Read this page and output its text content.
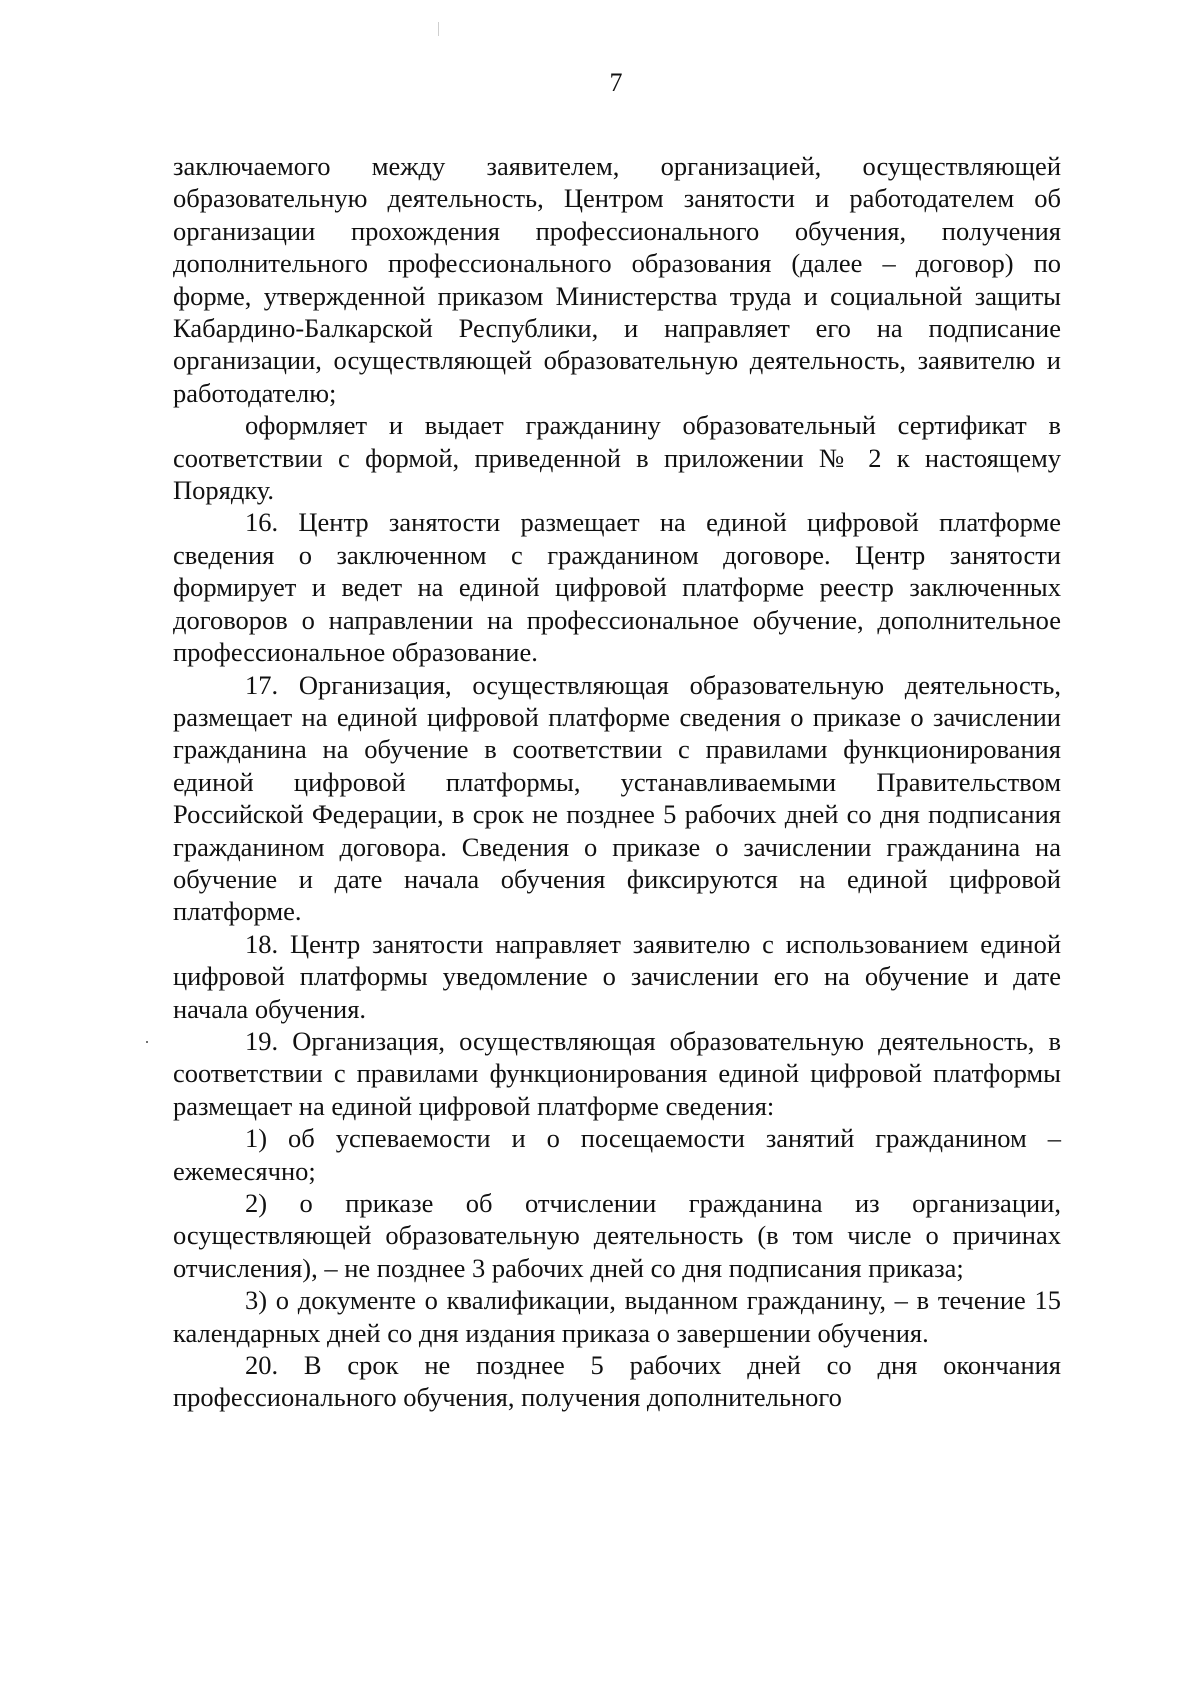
7

заключаемого между заявителем, организацией, осуществляющей образовательную деятельность, Центром занятости и работодателем об организации прохождения профессионального обучения, получения дополнительного профессионального образования (далее – договор) по форме, утвержденной приказом Министерства труда и социальной защиты Кабардино-Балкарской Республики, и направляет его на подписание организации, осуществляющей образовательную деятельность, заявителю и работодателю;

оформляет и выдает гражданину образовательный сертификат в соответствии с формой, приведенной в приложении № 2 к настоящему Порядку.

16. Центр занятости размещает на единой цифровой платформе сведения о заключенном с гражданином договоре. Центр занятости формирует и ведет на единой цифровой платформе реестр заключенных договоров о направлении на профессиональное обучение, дополнительное профессиональное образование.

17. Организация, осуществляющая образовательную деятельность, размещает на единой цифровой платформе сведения о приказе о зачислении гражданина на обучение в соответствии с правилами функционирования единой цифровой платформы, устанавливаемыми Правительством Российской Федерации, в срок не позднее 5 рабочих дней со дня подписания гражданином договора. Сведения о приказе о зачислении гражданина на обучение и дате начала обучения фиксируются на единой цифровой платформе.

18. Центр занятости направляет заявителю с использованием единой цифровой платформы уведомление о зачислении его на обучение и дате начала обучения.

19. Организация, осуществляющая образовательную деятельность, в соответствии с правилами функционирования единой цифровой платформы размещает на единой цифровой платформе сведения:

1) об успеваемости и о посещаемости занятий гражданином – ежемесячно;

2) о приказе об отчислении гражданина из организации, осуществляющей образовательную деятельность (в том числе о причинах отчисления), – не позднее 3 рабочих дней со дня подписания приказа;

3) о документе о квалификации, выданном гражданину, – в течение 15 календарных дней со дня издания приказа о завершении обучения.

20. В срок не позднее 5 рабочих дней со дня окончания профессионального обучения, получения дополнительного
